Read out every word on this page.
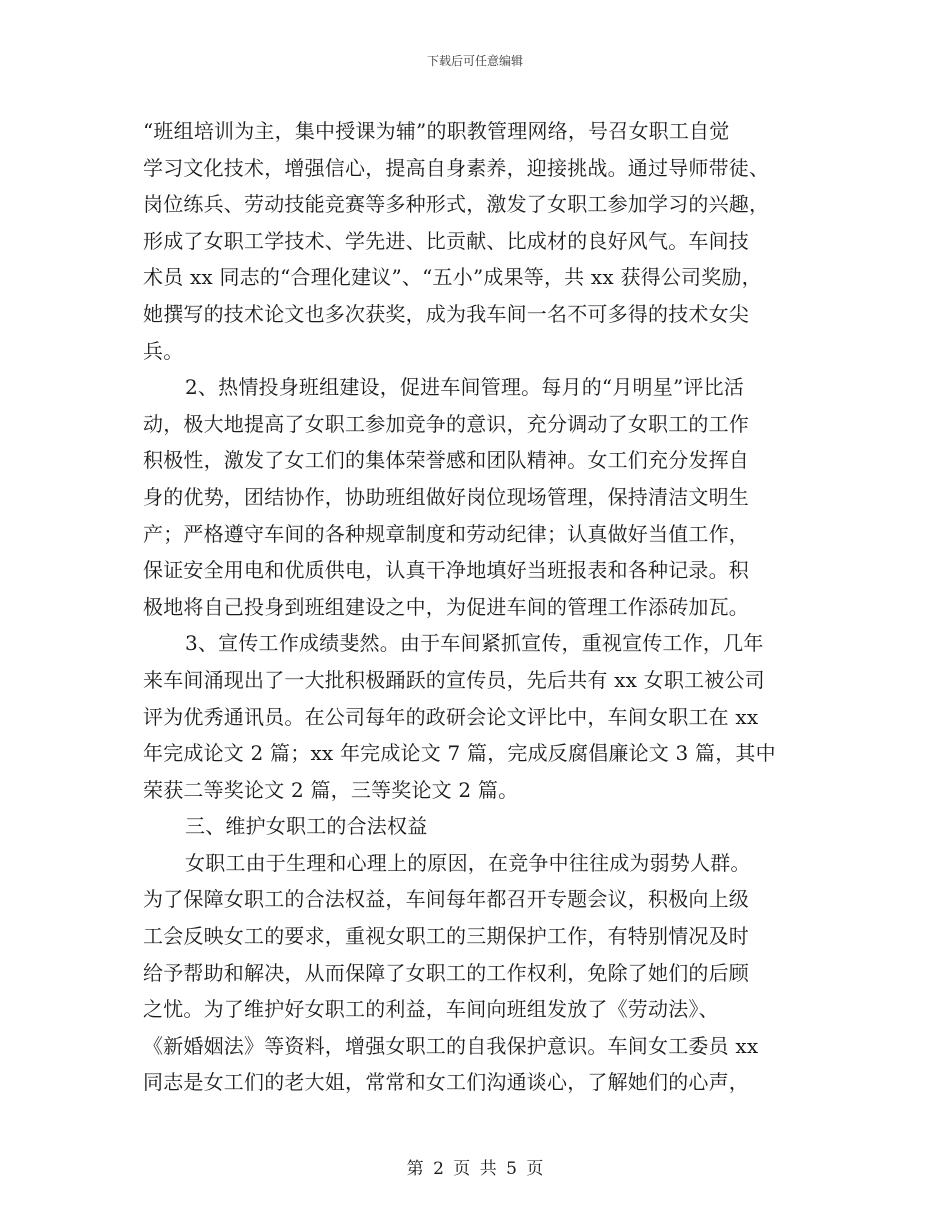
下载后可任意编辑
“班组培训为主，集中授课为辅”的职教管理网络，号召女职工自觉
学习文化技术，增强信心，提高自身素养，迎接挑战。通过导师带徒、
岗位练兵、劳动技能竞赛等多种形式，激发了女职工参加学习的兴趣，
形成了女职工学技术、学先进、比贡献、比成材的良好风气。车间技
术员 xx 同志的“合理化建议”、“五小”成果等，共 xx 获得公司奖励，
她撰写的技术论文也多次获奖，成为我车间一名不可多得的技术女尖
兵。
2、热情投身班组建设，促进车间管理。每月的“月明星”评比活
动，极大地提高了女职工参加竞争的意识，充分调动了女职工的工作
积极性，激发了女工们的集体荣誉感和团队精神。女工们充分发挥自
身的优势，团结协作，协助班组做好岗位现场管理，保持清洁文明生
产；严格遵守车间的各种规章制度和劳动纪律；认真做好当值工作，
保证安全用电和优质供电，认真干净地填好当班报表和各种记录。积
极地将自己投身到班组建设之中，为促进车间的管理工作添砖加瓦。
3、宣传工作成绩斐然。由于车间紧抓宣传，重视宣传工作，几年
来车间涌现出了一大批积极踊跃的宣传员，先后共有 xx 女职工被公司
评为优秀通讯员。在公司每年的政研会论文评比中，车间女职工在 xx
年完成论文 2 篇；xx 年完成论文 7 篇，完成反腐倡廉论文 3 篇，其中
荣获二等奖论文 2 篇，三等奖论文 2 篇。
三、维护女职工的合法权益
女职工由于生理和心理上的原因，在竞争中往往成为弱势人群。
为了保障女职工的合法权益，车间每年都召开专题会议，积极向上级
工会反映女工的要求，重视女职工的三期保护工作，有特别情况及时
给予帮助和解决，从而保障了女职工的工作权利，免除了她们的后顾
之忧。为了维护好女职工的利益，车间向班组发放了《劳动法》、
《新婚姻法》等资料，增强女职工的自我保护意识。车间女工委员 xx
同志是女工们的老大姐，常常和女工们沟通谈心，了解她们的心声，
第 2 页 共 5 页
